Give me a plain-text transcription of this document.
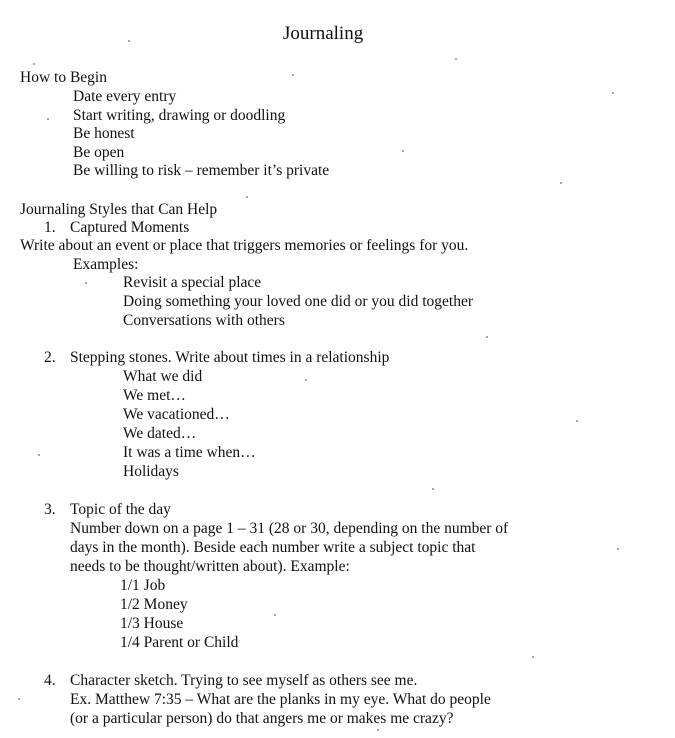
Journaling
How to Begin
Date every entry
Start writing, drawing or doodling
Be honest
Be open
Be willing to risk – remember it’s private
Journaling Styles that Can Help
1. Captured Moments
Write about an event or place that triggers memories or feelings for you.
Examples:
Revisit a special place
Doing something your loved one did or you did together
Conversations with others
2. Stepping stones. Write about times in a relationship
What we did
We met…
We vacationed…
We dated…
It was a time when…
Holidays
3. Topic of the day
Number down on a page 1 – 31 (28 or 30, depending on the number of
days in the month). Beside each number write a subject topic that
needs to be thought/written about). Example:
1/1 Job
1/2 Money
1/3 House
1/4 Parent or Child
4. Character sketch. Trying to see myself as others see me.
Ex. Matthew 7:35 – What are the planks in my eye. What do people
(or a particular person) do that angers me or makes me crazy?
